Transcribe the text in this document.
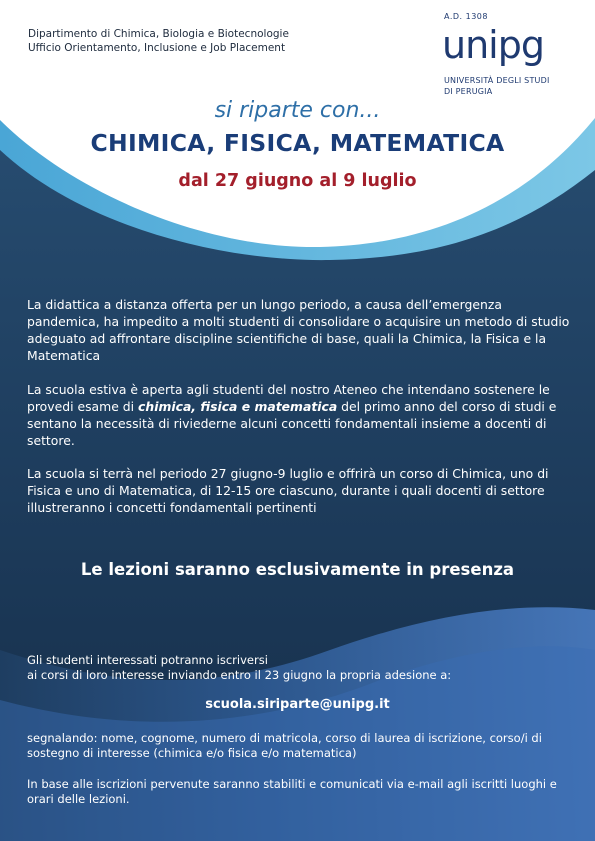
Dipartimento di Chimica, Biologia e Biotecnologie
Ufficio Orientamento, Inclusione e Job Placement
A.D. 1308
unipg
UNIVERSITÀ DEGLI STUDI
DI PERUGIA
si riparte con...
CHIMICA, FISICA, MATEMATICA
dal 27 giugno al 9 luglio
La didattica a distanza offerta per un lungo periodo, a causa dell’emergenza pandemica, ha impedito a molti studenti di consolidare o acquisire un metodo di studio adeguato ad affrontare discipline scientifiche di base, quali la Chimica, la Fisica e la Matematica
La scuola estiva è aperta agli studenti del nostro Ateneo che intendano sostenere le provedi esame di chimica, fisica e matematica del primo anno del corso di studi e sentano la necessità di riviederne alcuni concetti fondamentali insieme a docenti di settore.
La scuola si terrà nel periodo 27 giugno-9 luglio e offrirà un corso di Chimica, uno di Fisica e uno di Matematica, di 12-15 ore ciascuno, durante i quali docenti di settore illustreranno i concetti fondamentali pertinenti
Le lezioni saranno esclusivamente in presenza
Gli studenti interessati potranno iscriversi
ai corsi di loro interesse inviando entro il 23 giugno la propria adesione a:
scuola.siriparte@unipg.it
segnalando: nome, cognome, numero di matricola, corso di laurea di iscrizione, corso/i di sostegno di interesse (chimica e/o fisica e/o matematica)
In base alle iscrizioni pervenute saranno stabiliti e comunicati via e-mail agli iscritti luoghi e orari delle lezioni.
